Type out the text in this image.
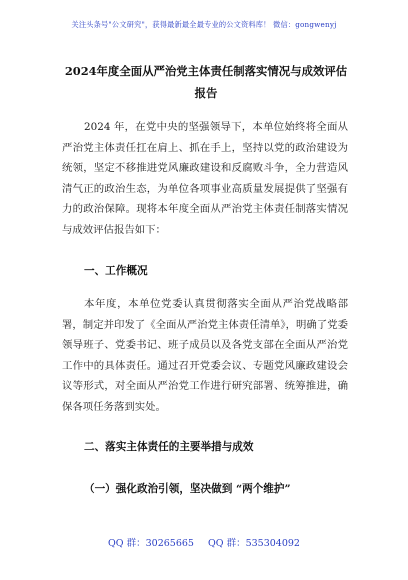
关注头条号"公文研究"，获得最新最全最专业的公文资料库！ 微信：gongwenyj
2024年度全面从严治党主体责任制落实情况与成效评估报告
2024 年，在党中央的坚强领导下，本单位始终将全面从严治党主体责任扛在肩上、抓在手上，坚持以党的政治建设为统领，坚定不移推进党风廉政建设和反腐败斗争，全力营造风清气正的政治生态，为单位各项事业高质量发展提供了坚强有力的政治保障。现将本年度全面从严治党主体责任制落实情况与成效评估报告如下：
一、工作概况
本年度，本单位党委认真贯彻落实全面从严治党战略部署，制定并印发了《全面从严治党主体责任清单》，明确了党委领导班子、党委书记、班子成员以及各党支部在全面从严治党工作中的具体责任。通过召开党委会议、专题党风廉政建设会议等形式，对全面从严治党工作进行研究部署、统筹推进，确保各项任务落到实处。
二、落实主体责任的主要举措与成效
（一）强化政治引领，坚决做到 “两个维护”
QQ 群：30265665 QQ 群：535304092
